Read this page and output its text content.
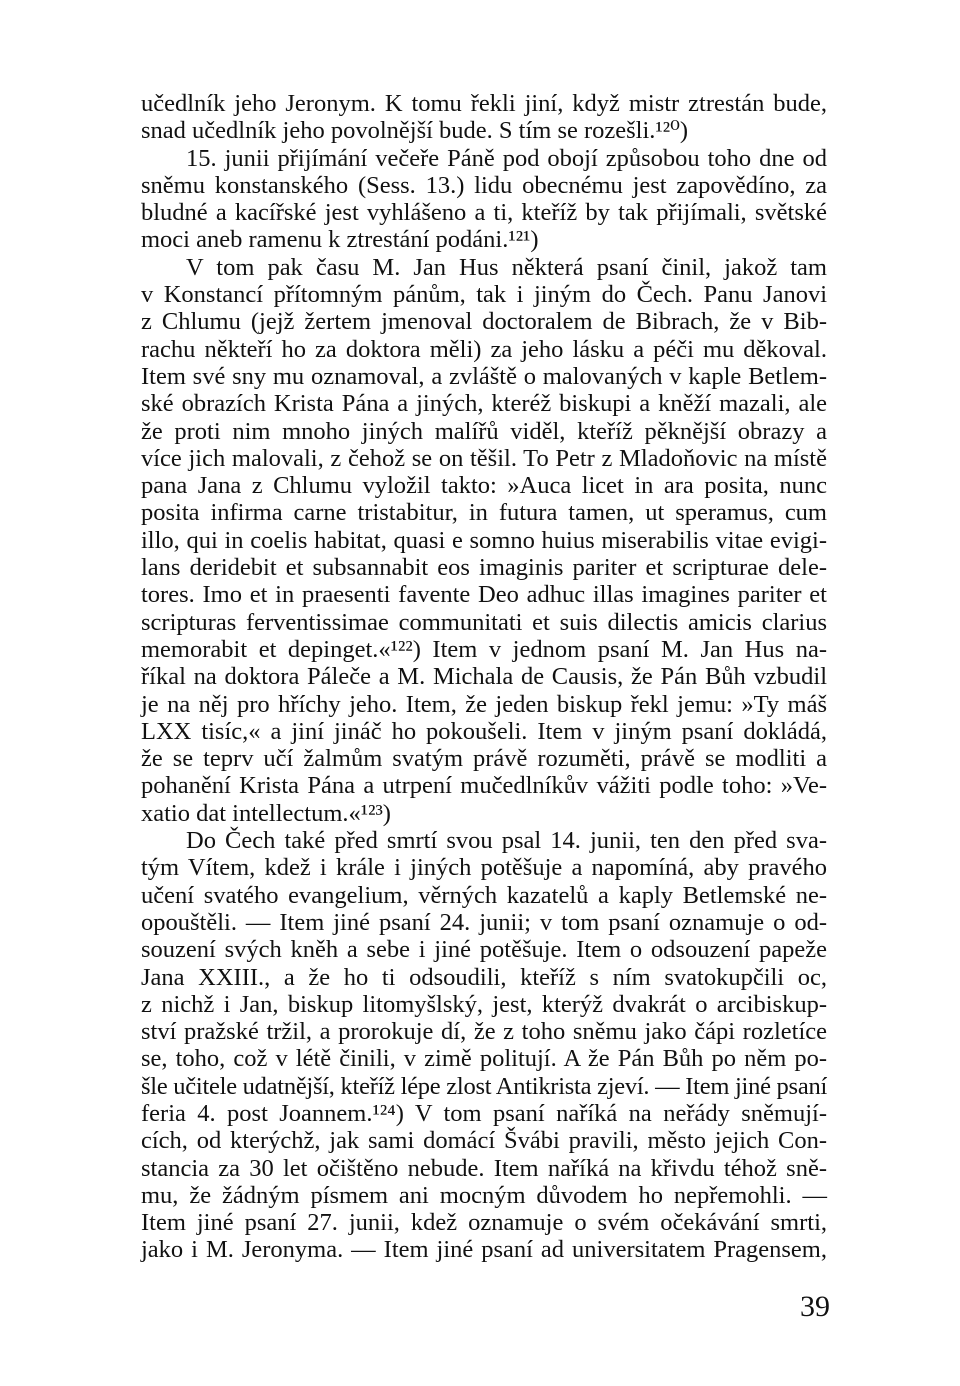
učedlník jeho Jeronym. K tomu řekli jiní, když mistr ztrestán bude,
snad učedlník jeho povolnější bude. S tím se rozešli.¹²⁰)
15. junii přijímání večeře Páně pod obojí způsobou toho dne od
sněmu konstanského (Sess. 13.) lidu obecnému jest zapovědíno, za
bludné a kacířské jest vyhlášeno a ti, kteříž by tak přijímali, světské
moci aneb ramenu k ztrestání podáni.¹²¹)
V tom pak času M. Jan Hus některá psaní činil, jakož tam
v Konstancí přítomným pánům, tak i jiným do Čech. Panu Janovi
z Chlumu (jejž žertem jmenoval doctoralem de Bibrach, že v Bib-
rachu někteří ho za doktora měli) za jeho lásku a péči mu děkoval.
Item své sny mu oznamoval, a zvláště o malovaných v kaple Betlem-
ské obrazích Krista Pána a jiných, kteréž biskupi a kněží mazali, ale
že proti nim mnoho jiných malířů viděl, kteříž pěknější obrazy a
více jich malovali, z čehož se on těšil. To Petr z Mladoňovic na místě
pana Jana z Chlumu vyložil takto: »Auca licet in ara posita, nunc
posita infirma carne tristabitur, in futura tamen, ut speramus, cum
illo, qui in coelis habitat, quasi e somno huius miserabilis vitae evigi-
lans deridebit et subsannabit eos imaginis pariter et scripturae dele-
tores. Imo et in praesenti favente Deo adhuc illas imagines pariter et
scripturas ferventissimae communitati et suis dilectis amicis clarius
memorabit et depinget.«¹²²) Item v jednom psaní M. Jan Hus na-
říkal na doktora Páleče a M. Michala de Causis, že Pán Bůh vzbudil
je na něj pro hříchy jeho. Item, že jeden biskup řekl jemu: »Ty máš
LXX tisíc,« a jiní jináč ho pokoušeli. Item v jiným psaní dokládá,
že se teprv učí žalmům svatým právě rozuměti, právě se modliti a
pohanění Krista Pána a utrpení mučedlníkův vážiti podle toho: »Ve-
xatio dat intellectum.«¹²³)
Do Čech také před smrtí svou psal 14. junii, ten den před sva-
tým Vítem, kdež i krále i jiných potěšuje a napomíná, aby pravého
učení svatého evangelium, věrných kazatelů a kaply Betlemské ne-
opouštěli. — Item jiné psaní 24. junii; v tom psaní oznamuje o od-
souzení svých kněh a sebe i jiné potěšuje. Item o odsouzení papeže
Jana XXIII., a že ho ti odsoudili, kteříž s ním svatokupčili oc,
z nichž i Jan, biskup litomyšlský, jest, kterýž dvakrát o arcibiskup-
ství pražské tržil, a prorokuje dí, že z toho sněmu jako čápi rozletíce
se, toho, což v létě činili, v zimě politují. A že Pán Bůh po něm po-
šle učitele udatnější, kteříž lépe zlost Antikrista zjeví. — Item jiné psaní
feria 4. post Joannem.¹²⁴) V tom psaní naříká na neřády sněmují-
cích, od kterýchž, jak sami domácí Švábi pravili, město jejich Con-
stancia za 30 let očištěno nebude. Item naříká na křivdu téhož sně-
mu, že žádným písmem ani mocným důvodem ho nepřemohli. —
Item jiné psaní 27. junii, kdež oznamuje o svém očekávání smrti,
jako i M. Jeronyma. — Item jiné psaní ad universitatem Pragensem,
39
